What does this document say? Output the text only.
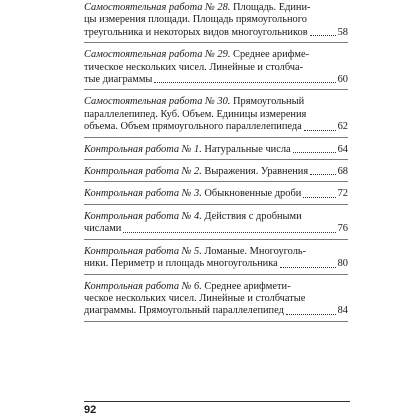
Самостоятельная работа № 28. Площадь. Едини-
цы измерения площади. Площадь прямоугольного
треугольника и некоторых видов многоугольников	58
Самостоятельная работа № 29. Среднее арифме-
тическое нескольких чисел. Линейные и столбча-
тые диаграммы	60
Самостоятельная работа № 30. Прямоугольный
параллелепипед. Куб. Объем. Единицы измерения
объема. Объем прямоугольного параллелепипеда	62
Контрольная работа № 1. Натуральные числа	64
Контрольная работа № 2. Выражения. Уравнения	68
Контрольная работа № 3. Обыкновенные дроби	72
Контрольная работа № 4. Действия с дробными
числами	76
Контрольная работа № 5. Ломаные. Многоуголь-
ники. Периметр и площадь многоугольника	80
Контрольная работа № 6. Среднее арифмети-
ческое нескольких чисел. Линейные и столбчатые
диаграммы. Прямоугольный параллелепипед	84
92
